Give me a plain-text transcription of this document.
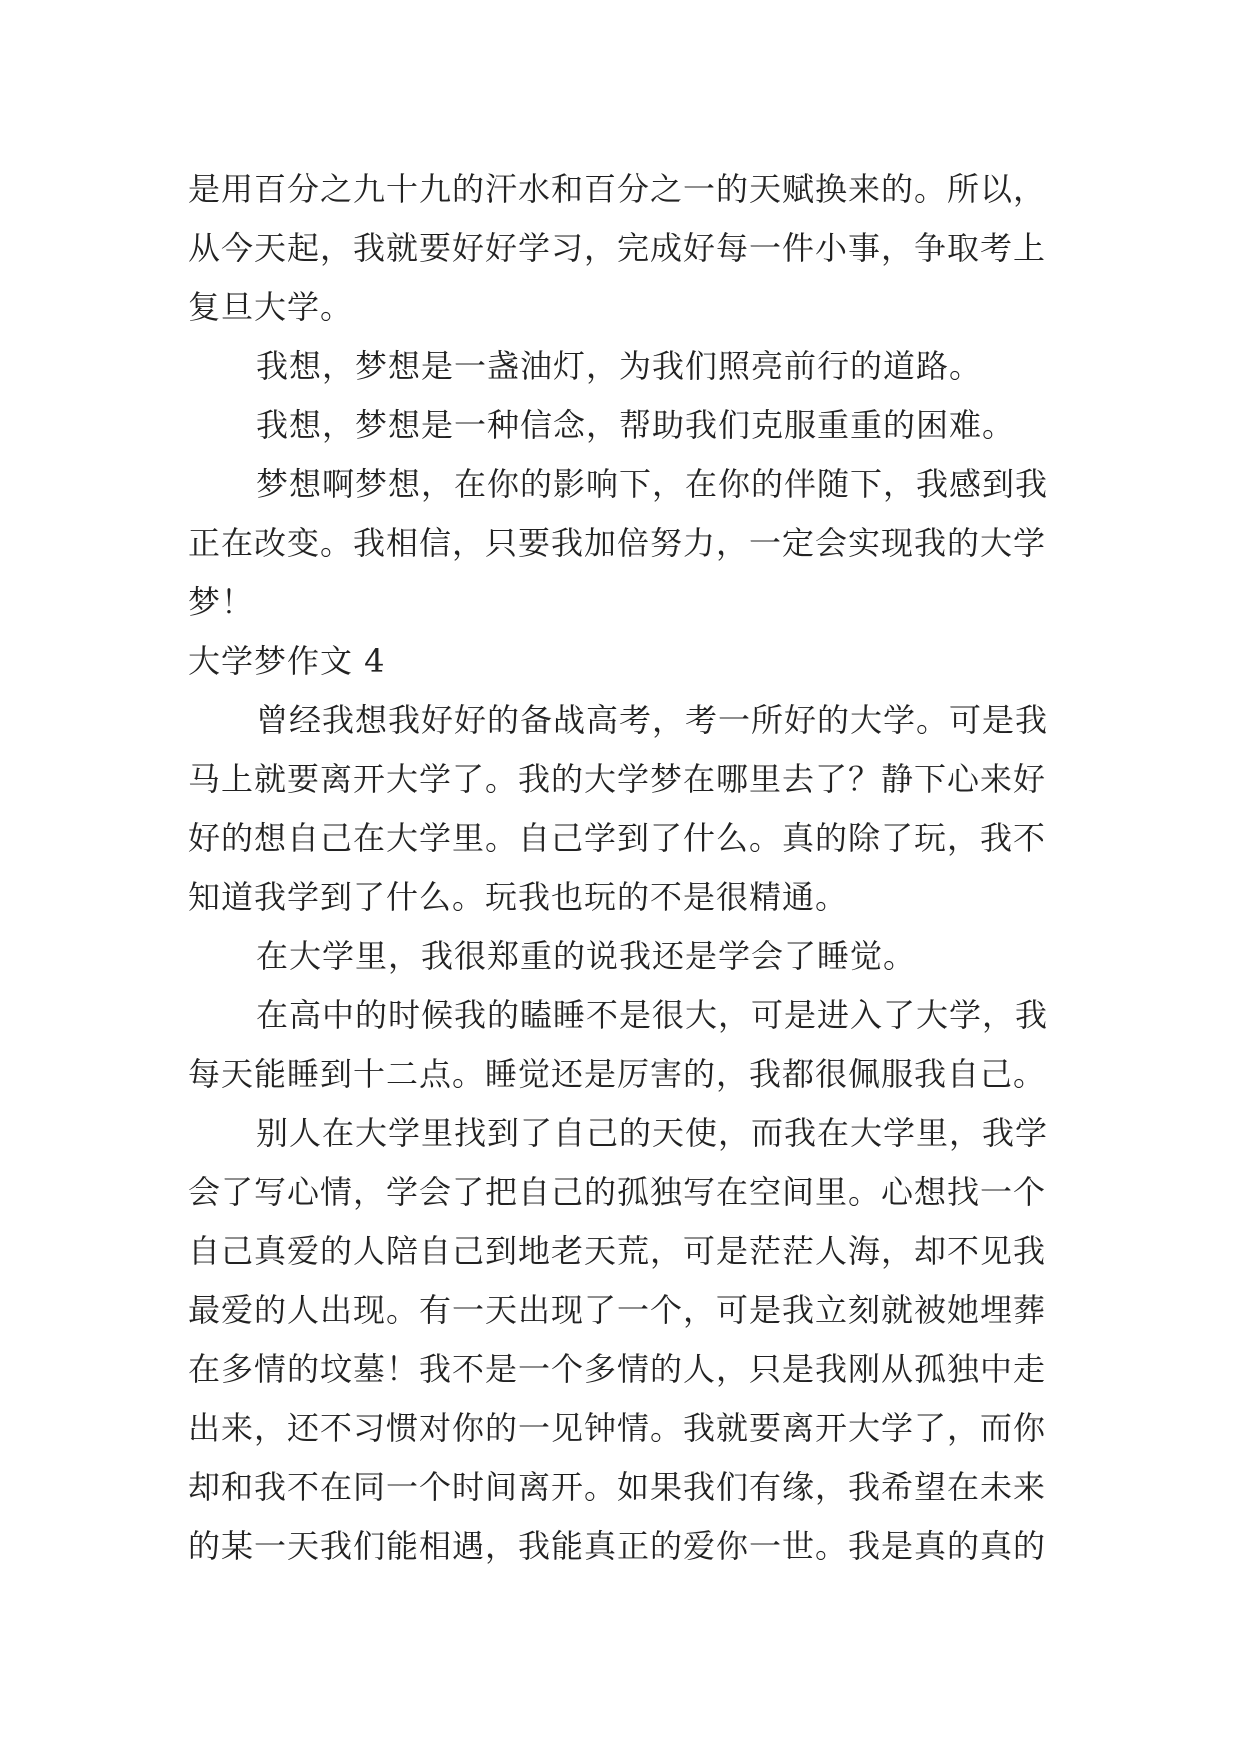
是用百分之九十九的汗水和百分之一的天赋换来的。所以，
从今天起，我就要好好学习，完成好每一件小事，争取考上
复旦大学。
我想，梦想是一盏油灯，为我们照亮前行的道路。
我想，梦想是一种信念，帮助我们克服重重的困难。
梦想啊梦想，在你的影响下，在你的伴随下，我感到我
正在改变。我相信，只要我加倍努力，一定会实现我的大学
梦！
大学梦作文 4
曾经我想我好好的备战高考，考一所好的大学。可是我
马上就要离开大学了。我的大学梦在哪里去了？静下心来好
好的想自己在大学里。自己学到了什么。真的除了玩，我不
知道我学到了什么。玩我也玩的不是很精通。
在大学里，我很郑重的说我还是学会了睡觉。
在高中的时候我的瞌睡不是很大，可是进入了大学，我
每天能睡到十二点。睡觉还是厉害的，我都很佩服我自己。
别人在大学里找到了自己的天使，而我在大学里，我学
会了写心情，学会了把自己的孤独写在空间里。心想找一个
自己真爱的人陪自己到地老天荒，可是茫茫人海，却不见我
最爱的人出现。有一天出现了一个，可是我立刻就被她埋葬
在多情的坟墓！我不是一个多情的人，只是我刚从孤独中走
出来，还不习惯对你的一见钟情。我就要离开大学了，而你
却和我不在同一个时间离开。如果我们有缘，我希望在未来
的某一天我们能相遇，我能真正的爱你一世。我是真的真的
